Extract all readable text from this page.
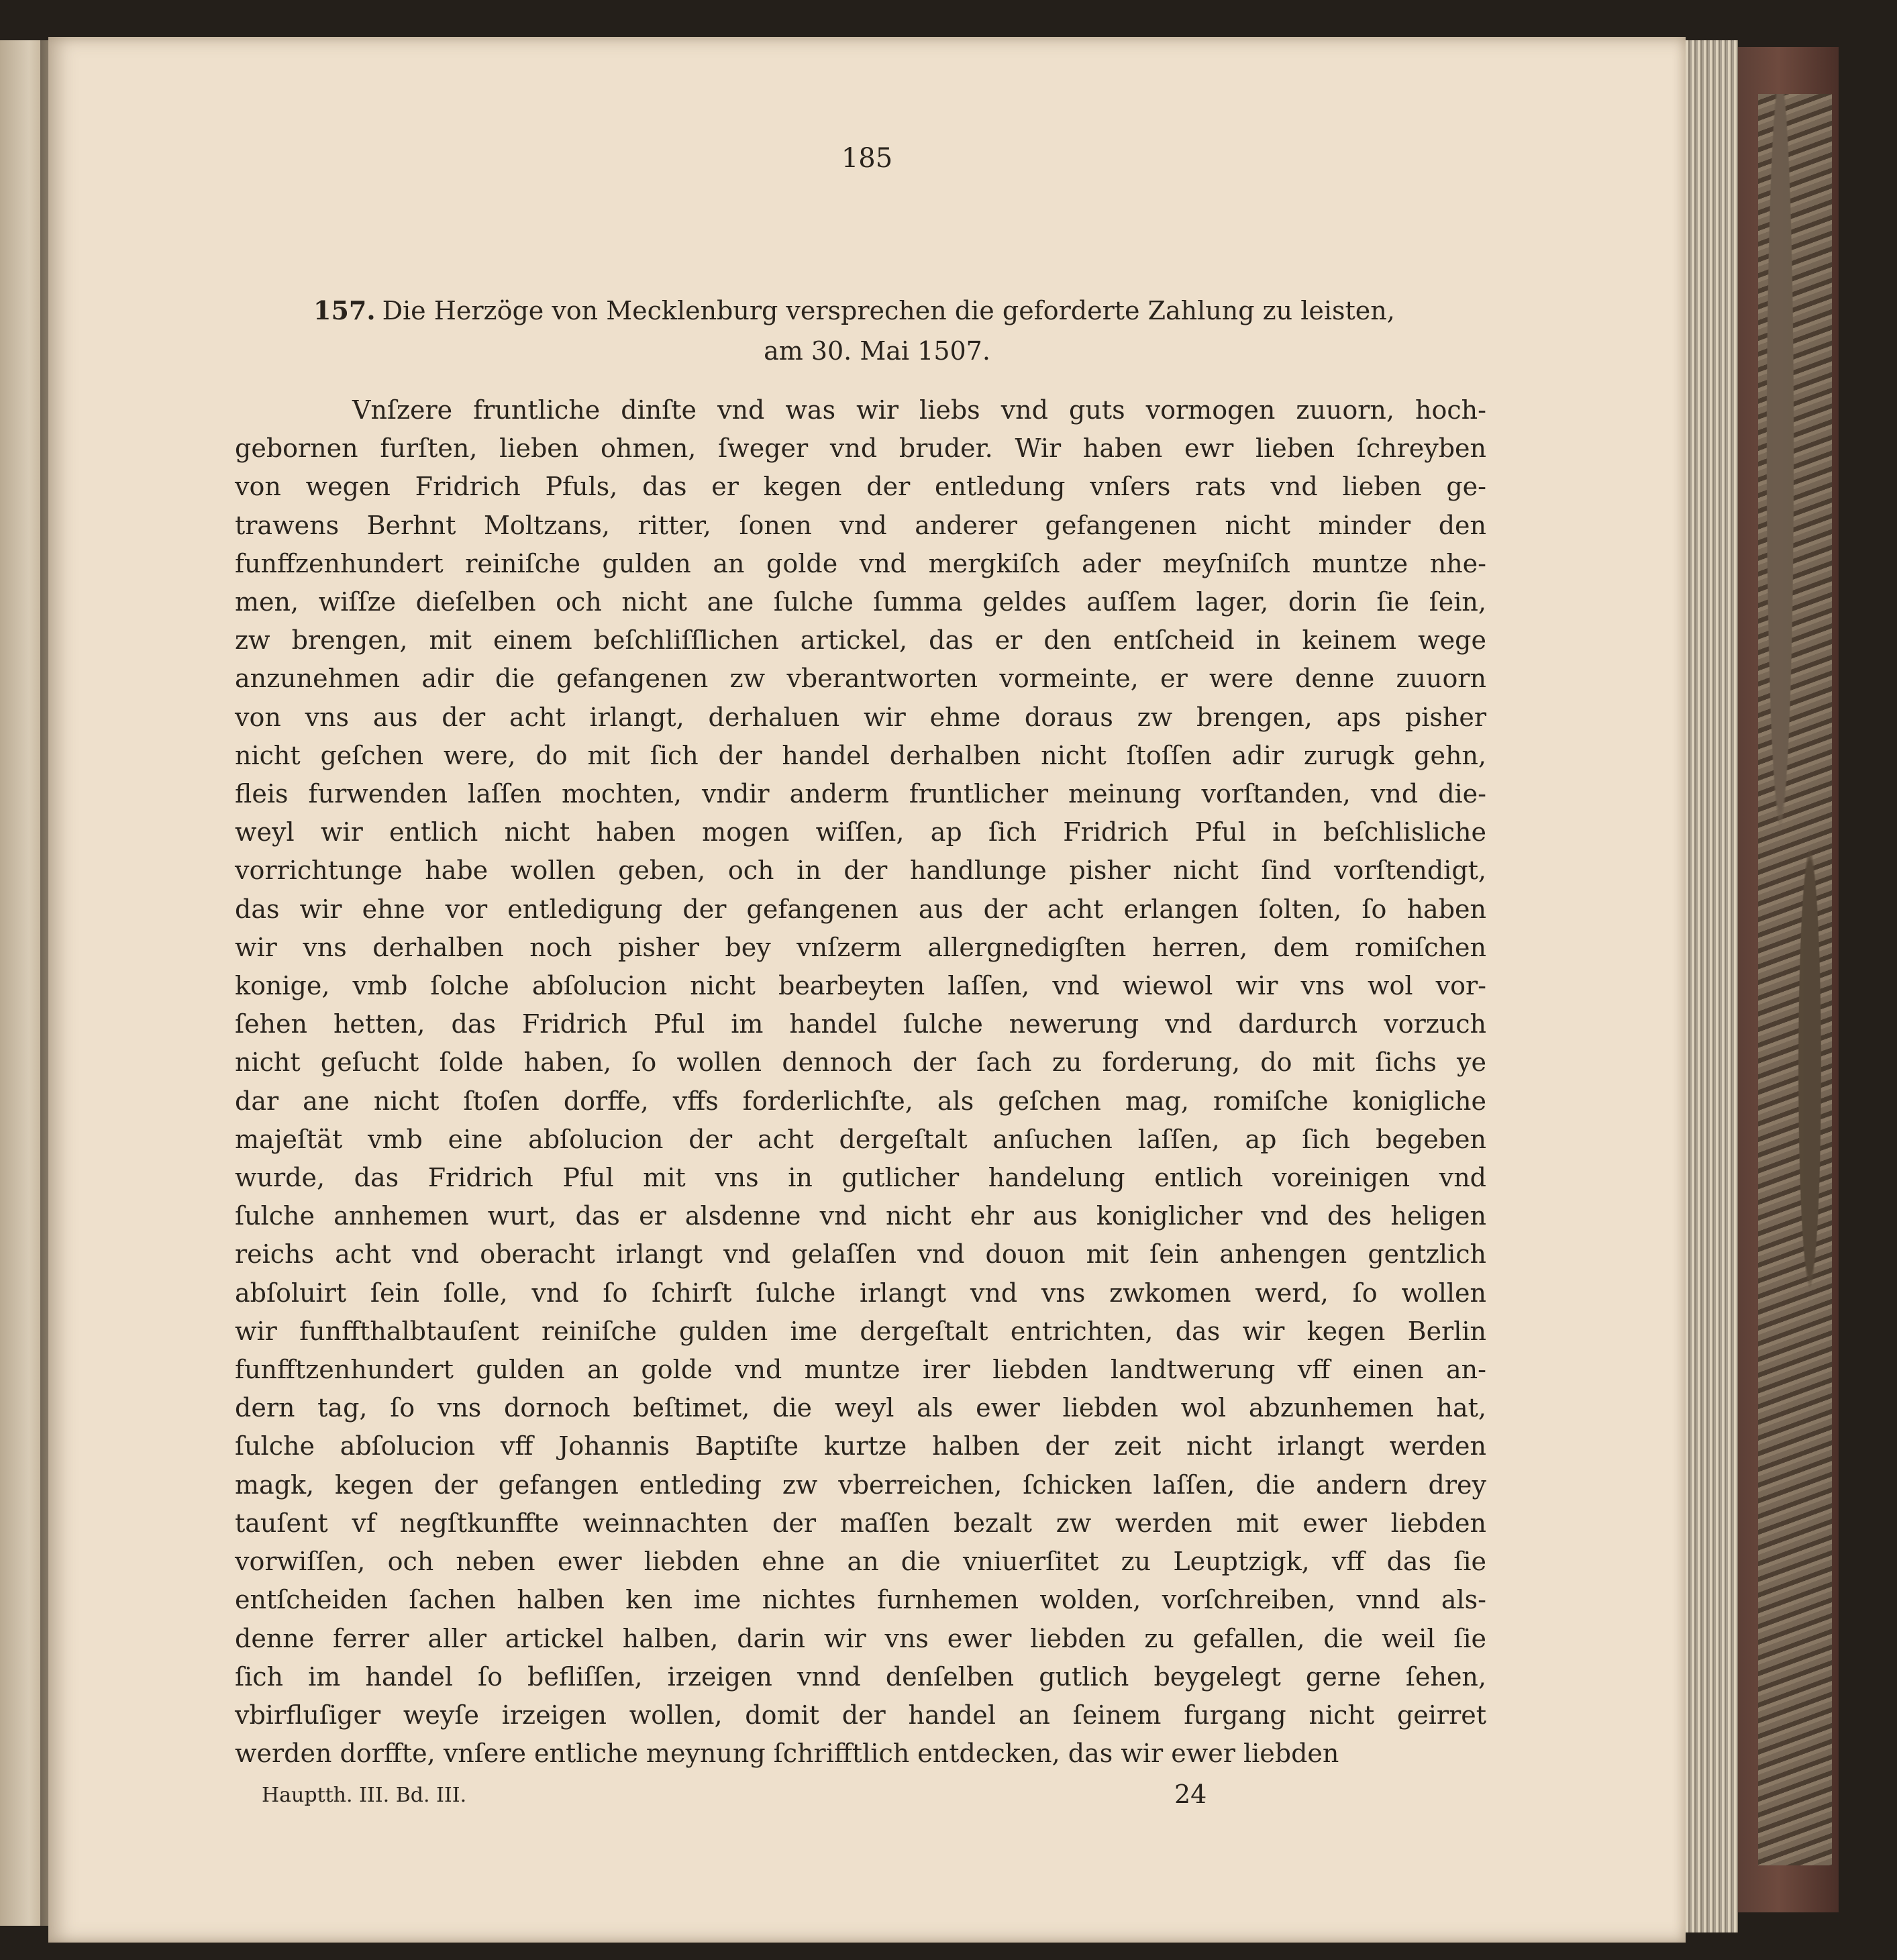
185
157. Die Herzöge von Mecklenburg versprechen die geforderte Zahlung zu leisten,
am 30. Mai 1507.
Vnſzere fruntliche dinſte vnd was wir liebs vnd guts vormogen zuuorn, hoch-
gebornen furſten, lieben ohmen, ſweger vnd bruder. Wir haben ewr lieben ſchreyben
von wegen Fridrich Pfuls, das er kegen der entledung vnſers rats vnd lieben ge-
trawens Berhnt Moltzans, ritter, ſonen vnd anderer gefangenen nicht minder den
funffzenhundert reiniſche gulden an golde vnd mergkiſch ader meyſniſch muntze nhe-
men, wiſſze dieſelben och nicht ane ſulche ſumma geldes auſſem lager, dorin ſie ſein,
zw brengen, mit einem beſchliſſlichen artickel, das er den entſcheid in keinem wege
anzunehmen adir die gefangenen zw vberantworten vormeinte, er were denne zuuorn
von vns aus der acht irlangt, derhaluen wir ehme doraus zw brengen, aps pisher
nicht geſchen were, do mit ſich der handel derhalben nicht ſtoſſen adir zurugk gehn,
fleis furwenden laſſen mochten, vndir anderm fruntlicher meinung vorſtanden, vnd die-
weyl wir entlich nicht haben mogen wiſſen, ap ſich Fridrich Pful in beſchlisliche
vorrichtunge habe wollen geben, och in der handlunge pisher nicht ſind vorſtendigt,
das wir ehne vor entledigung der gefangenen aus der acht erlangen ſolten, ſo haben
wir vns derhalben noch pisher bey vnſzerm allergnedigſten herren, dem romiſchen
konige, vmb ſolche abſolucion nicht bearbeyten laſſen, vnd wiewol wir vns wol vor-
ſehen hetten, das Fridrich Pful im handel ſulche newerung vnd dardurch vorzuch
nicht geſucht ſolde haben, ſo wollen dennoch der ſach zu forderung, do mit ſichs ye
dar ane nicht ſtoſen dorffe, vffs forderlichſte, als geſchen mag, romiſche konigliche
majeſtät vmb eine abſolucion der acht dergeſtalt anſuchen laſſen, ap ſich begeben
wurde, das Fridrich Pful mit vns in gutlicher handelung entlich voreinigen vnd
ſulche annhemen wurt, das er alsdenne vnd nicht ehr aus koniglicher vnd des heligen
reichs acht vnd oberacht irlangt vnd gelaſſen vnd douon mit ſein anhengen gentzlich
abſoluirt ſein ſolle, vnd ſo ſchirſt ſulche irlangt vnd vns zwkomen werd, ſo wollen
wir funffthalbtauſent reiniſche gulden ime dergeſtalt entrichten, das wir kegen Berlin
funfftzenhundert gulden an golde vnd muntze irer liebden landtwerung vff einen an-
dern tag, ſo vns dornoch beſtimet, die weyl als ewer liebden wol abzunhemen hat,
ſulche abſolucion vff Johannis Baptiſte kurtze halben der zeit nicht irlangt werden
magk, kegen der gefangen entleding zw vberreichen, ſchicken laſſen, die andern drey
tauſent vf negſtkunffte weinnachten der maſſen bezalt zw werden mit ewer liebden
vorwiſſen, och neben ewer liebden ehne an die vniuerſitet zu Leuptzigk, vff das ſie
entſcheiden ſachen halben ken ime nichtes furnhemen wolden, vorſchreiben, vnnd als-
denne ferrer aller artickel halben, darin wir vns ewer liebden zu gefallen, die weil ſie
ſich im handel ſo befliſſen, irzeigen vnnd denſelben gutlich beygelegt gerne ſehen,
vbirfluſiger weyſe irzeigen wollen, domit der handel an ſeinem furgang nicht geirret
werden dorffte, vnſere entliche meynung ſchrifftlich entdecken, das wir ewer liebden
Hauptth. III. Bd. III.	24
